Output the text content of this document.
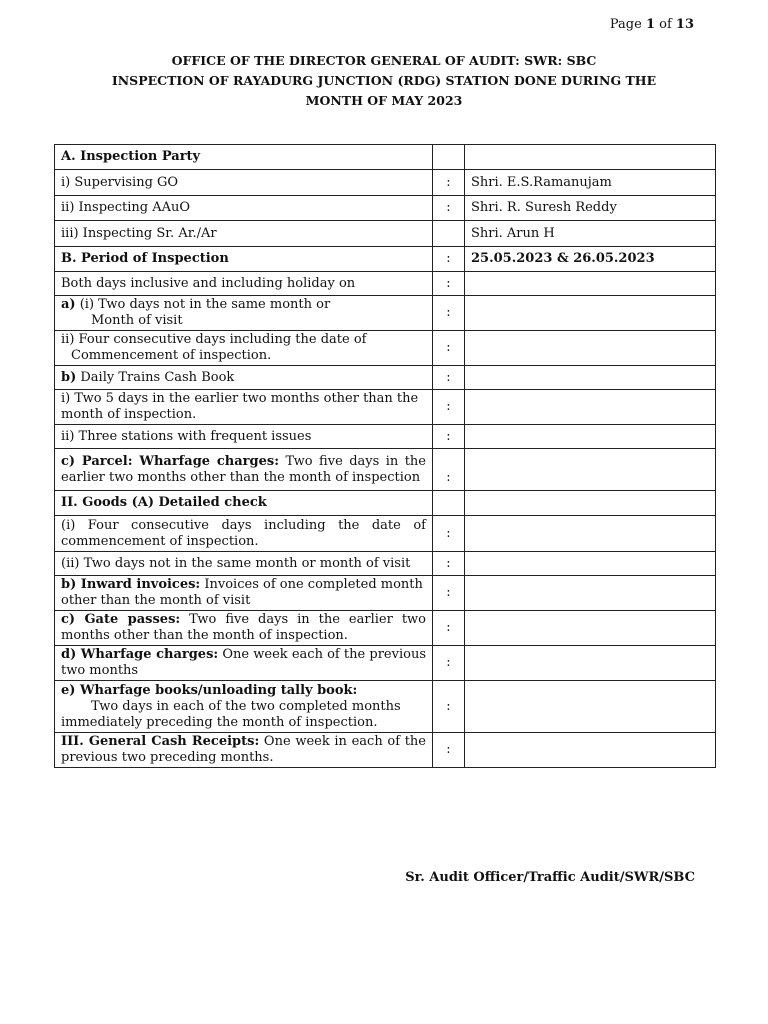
Page 1 of 13
OFFICE OF THE DIRECTOR GENERAL OF AUDIT: SWR: SBC
INSPECTION OF RAYADURG JUNCTION (RDG) STATION DONE DURING THE
MONTH OF MAY 2023
A. Inspection Party		
i) Supervising GO	:	Shri. E.S.Ramanujam
ii) Inspecting AAuO	:	Shri. R. Suresh Reddy
iii) Inspecting Sr. Ar./Ar		Shri. Arun H
B. Period of Inspection	:	25.05.2023 & 26.05.2023
Both days inclusive and including holiday on	:	
a) (i) Two days not in the same month or
Month of visit	:	
ii) Four consecutive days including the date of
Commencement of inspection.	:	
b) Daily Trains Cash Book	:	
i) Two 5 days in the earlier two months other than the month of inspection.	:	
ii) Three stations with frequent issues	:	
c) Parcel: Wharfage charges: Two five days in the earlier two months other than the month of inspection	:	
II. Goods (A) Detailed check		
(i) Four consecutive days including the date of commencement of inspection.	:	
(ii) Two days not in the same month or month of visit	:	
b) Inward invoices: Invoices of one completed month other than the month of visit	:	
c) Gate passes: Two five days in the earlier two months other than the month of inspection.	:	
d) Wharfage charges: One week each of the previous two months	:	
e) Wharfage books/unloading tally book:
Two days in each of the two completed months
immediately preceding the month of inspection.	:	
III. General Cash Receipts: One week in each of the previous two preceding months.	:	
Sr. Audit Officer/Traffic Audit/SWR/SBC
